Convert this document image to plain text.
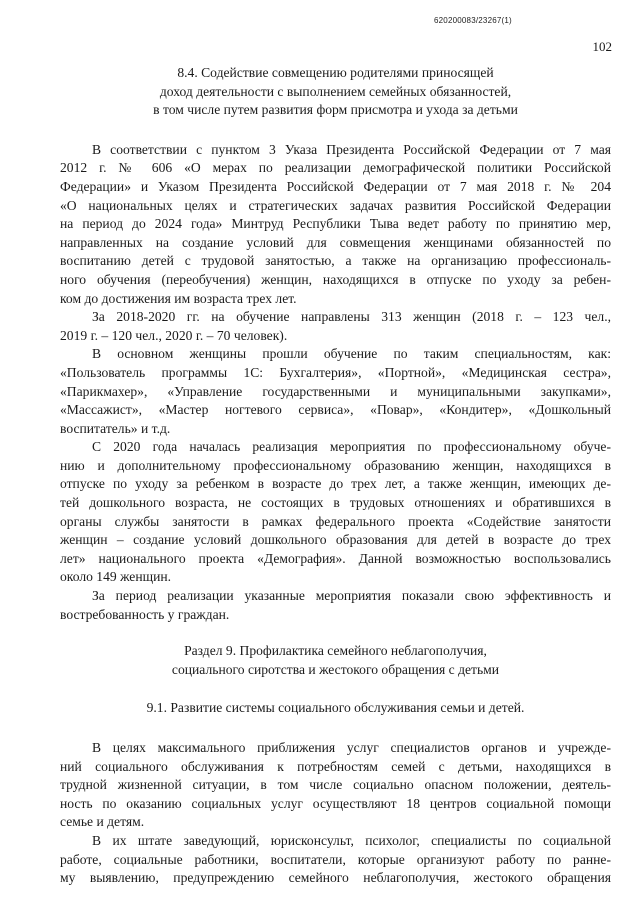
620200083/23267(1)
102
8.4. Содействие совмещению родителями приносящей
доход деятельности с выполнением семейных обязанностей,
в том числе путем развития форм присмотра и ухода за детьми
В соответствии с пунктом 3 Указа Президента Российской Федерации от 7 мая
2012 г. № 606 «О мерах по реализации демографической политики Российской
Федерации» и Указом Президента Российской Федерации от 7 мая 2018 г. № 204
«О национальных целях и стратегических задачах развития Российской Федерации
на период до 2024 года» Минтруд Республики Тыва ведет работу по принятию мер,
направленных на создание условий для совмещения женщинами обязанностей по
воспитанию детей с трудовой занятостью, а также на организацию профессиональ-
ного обучения (переобучения) женщин, находящихся в отпуске по уходу за ребен-
ком до достижения им возраста трех лет.
За 2018-2020 гг. на обучение направлены 313 женщин (2018 г. – 123 чел.,
2019 г. – 120 чел., 2020 г. – 70 человек).
В основном женщины прошли обучение по таким специальностям, как:
«Пользователь программы 1С: Бухгалтерия», «Портной», «Медицинская сестра»,
«Парикмахер», «Управление государственными и муниципальными закупками»,
«Массажист», «Мастер ногтевого сервиса», «Повар», «Кондитер», «Дошкольный
воспитатель» и т.д.
С 2020 года началась реализация мероприятия по профессиональному обуче-
нию и дополнительному профессиональному образованию женщин, находящихся в
отпуске по уходу за ребенком в возрасте до трех лет, а также женщин, имеющих де-
тей дошкольного возраста, не состоящих в трудовых отношениях и обратившихся в
органы службы занятости в рамках федерального проекта «Содействие занятости
женщин – создание условий дошкольного образования для детей в возрасте до трех
лет» национального проекта «Демография». Данной возможностью воспользовались
около 149 женщин.
За период реализации указанные мероприятия показали свою эффективность и
востребованность у граждан.
Раздел 9. Профилактика семейного неблагополучия,
социального сиротства и жестокого обращения с детьми
9.1. Развитие системы социального обслуживания семьи и детей.
В целях максимального приближения услуг специалистов органов и учрежде-
ний социального обслуживания к потребностям семей с детьми, находящихся в
трудной жизненной ситуации, в том числе социально опасном положении, деятель-
ность по оказанию социальных услуг осуществляют 18 центров социальной помощи
семье и детям.
В их штате заведующий, юрисконсульт, психолог, специалисты по социальной
работе, социальные работники, воспитатели, которые организуют работу по ранне-
му выявлению, предупреждению семейного неблагополучия, жестокого обращения
